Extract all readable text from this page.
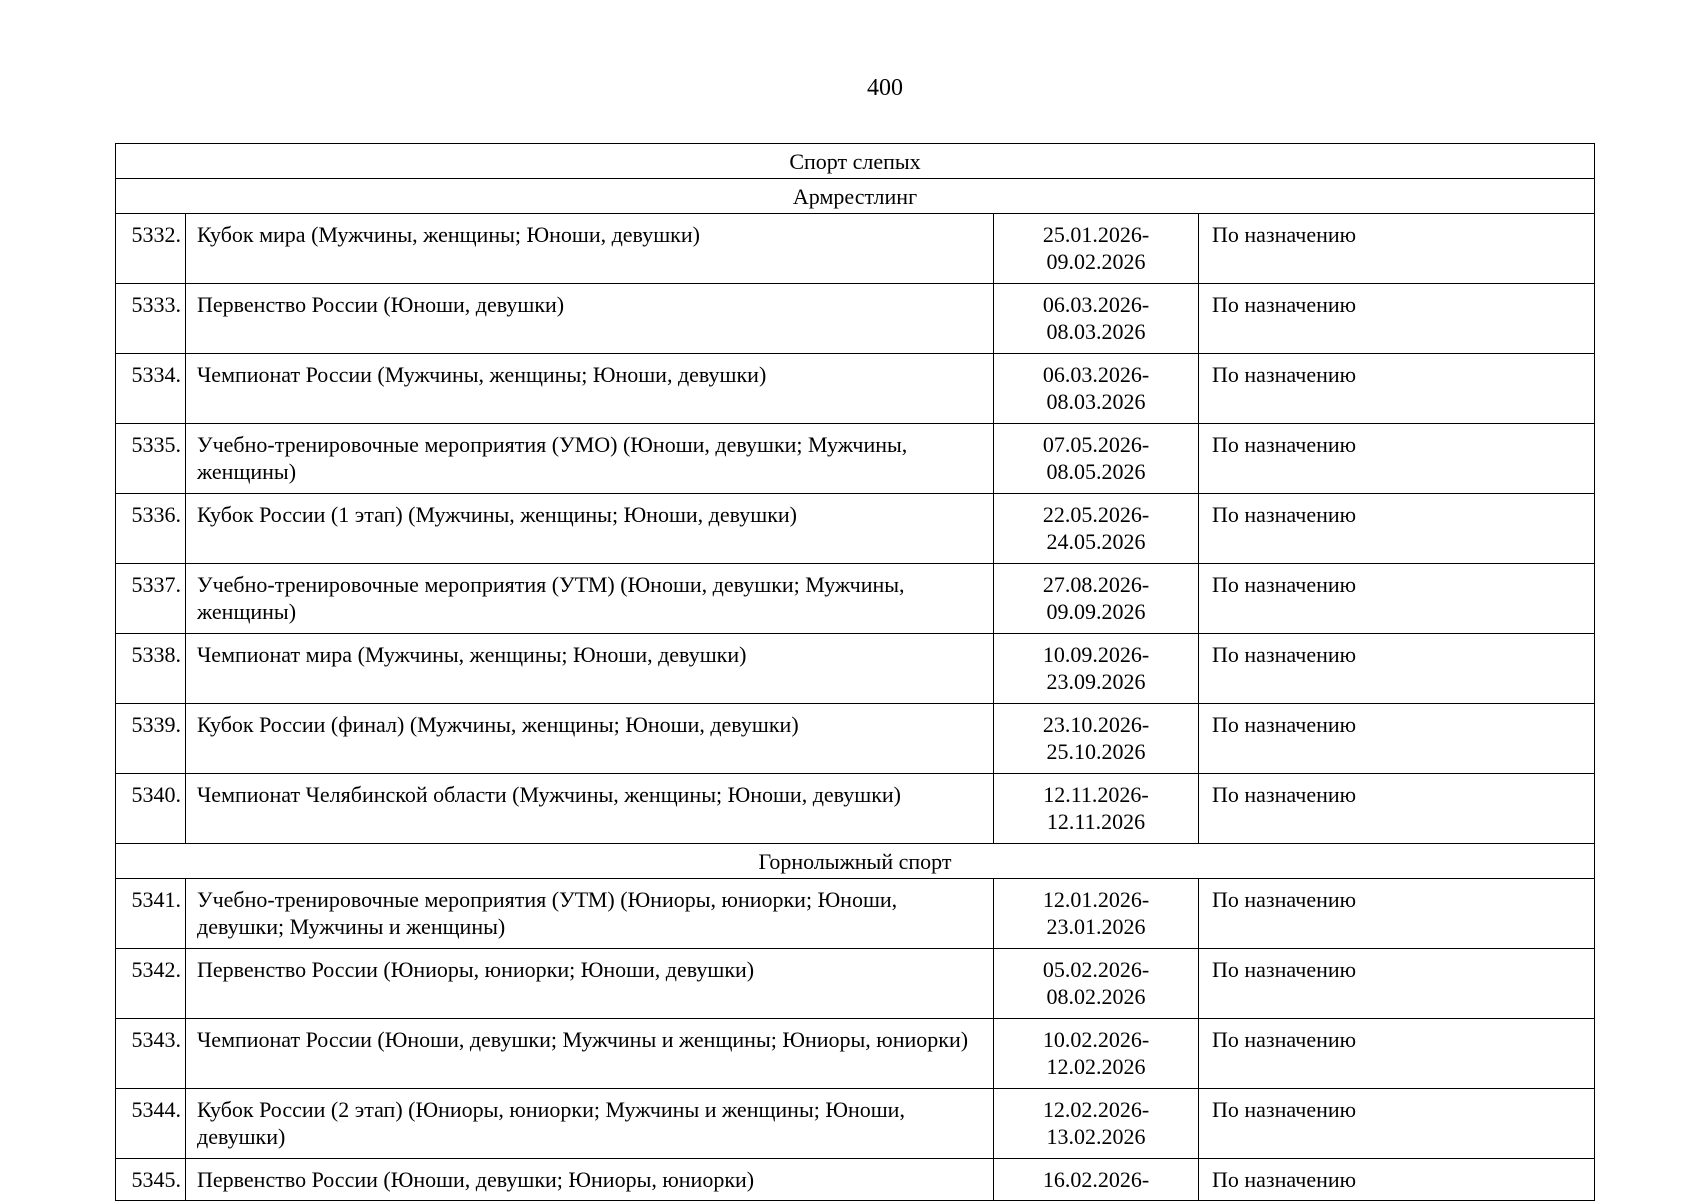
400
Спорт слепых			
Армрестлинг			
5332.	Кубок мира (Мужчины, женщины; Юноши, девушки)	25.01.2026-
09.02.2026	По назначению
5333.	Первенство России (Юноши, девушки)	06.03.2026-
08.03.2026	По назначению
5334.	Чемпионат России (Мужчины, женщины; Юноши, девушки)	06.03.2026-
08.03.2026	По назначению
5335.	Учебно-тренировочные мероприятия (УМО) (Юноши, девушки; Мужчины, женщины)	07.05.2026-
08.05.2026	По назначению
5336.	Кубок России (1 этап) (Мужчины, женщины; Юноши, девушки)	22.05.2026-
24.05.2026	По назначению
5337.	Учебно-тренировочные мероприятия (УТМ) (Юноши, девушки; Мужчины, женщины)	27.08.2026-
09.09.2026	По назначению
5338.	Чемпионат мира (Мужчины, женщины; Юноши, девушки)	10.09.2026-
23.09.2026	По назначению
5339.	Кубок России (финал) (Мужчины, женщины; Юноши, девушки)	23.10.2026-
25.10.2026	По назначению
5340.	Чемпионат Челябинской области (Мужчины, женщины; Юноши, девушки)	12.11.2026-
12.11.2026	По назначению
Горнолыжный спорт			
5341.	Учебно-тренировочные мероприятия (УТМ) (Юниоры, юниорки; Юноши, девушки; Мужчины и женщины)	12.01.2026-
23.01.2026	По назначению
5342.	Первенство России (Юниоры, юниорки; Юноши, девушки)	05.02.2026-
08.02.2026	По назначению
5343.	Чемпионат России (Юноши, девушки; Мужчины и женщины; Юниоры, юниорки)	10.02.2026-
12.02.2026	По назначению
5344.	Кубок России (2 этап) (Юниоры, юниорки; Мужчины и женщины; Юноши, девушки)	12.02.2026-
13.02.2026	По назначению
5345.	Первенство России (Юноши, девушки; Юниоры, юниорки)	16.02.2026-	По назначению
